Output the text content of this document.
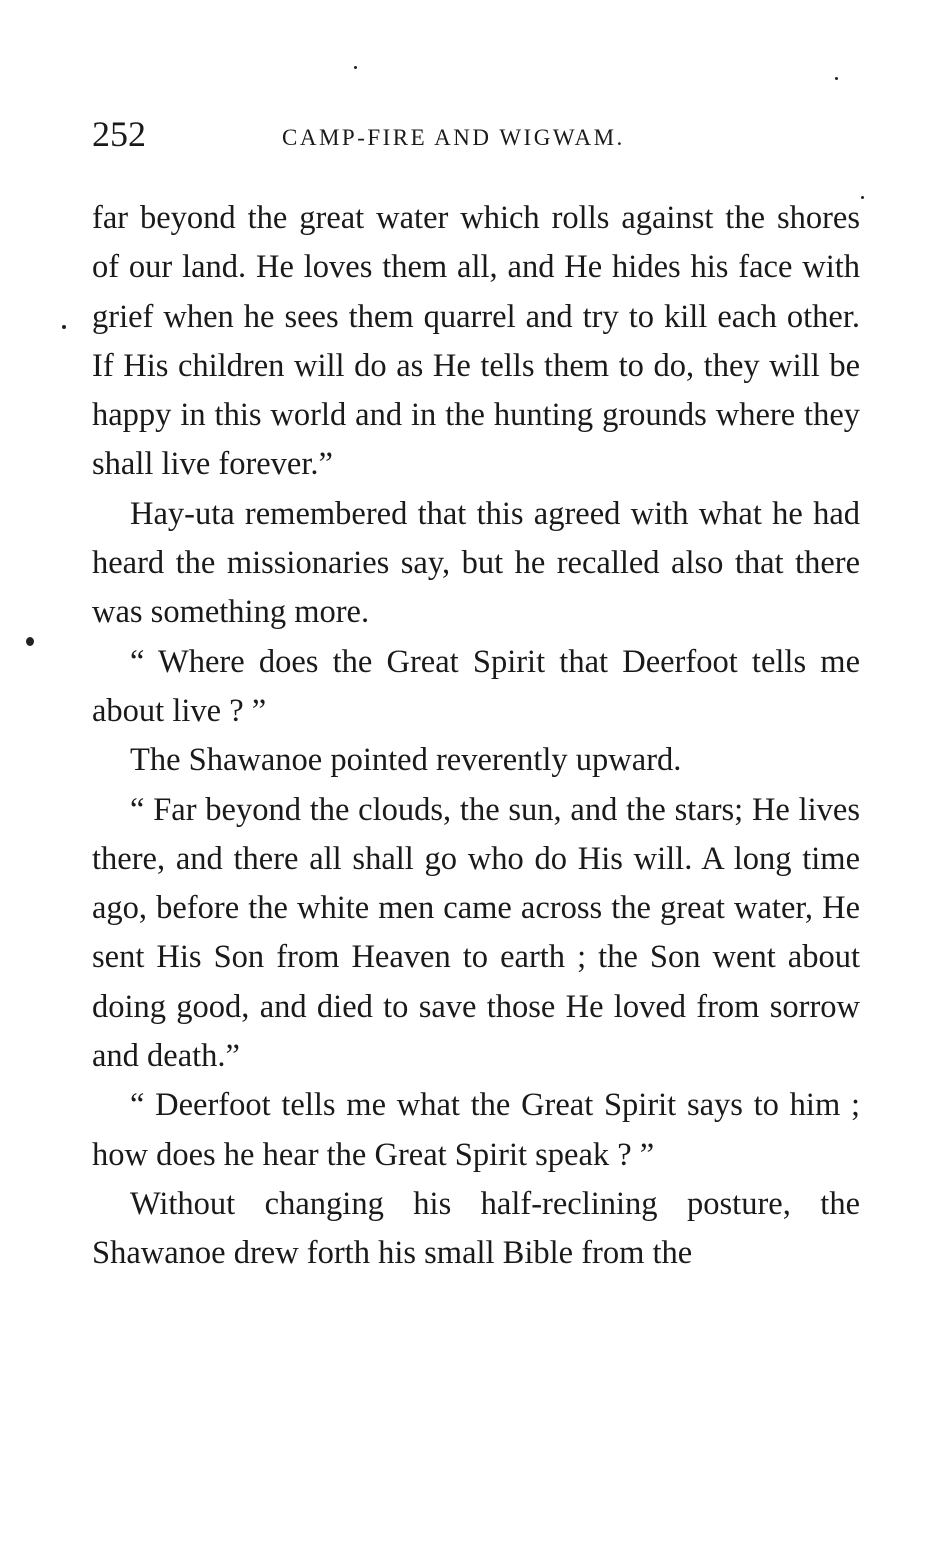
252	CAMP-FIRE AND WIGWAM.

far beyond the great water which rolls against the shores of our land. He loves them all, and He hides his face with grief when he sees them quarrel and try to kill each other. If His children will do as He tells them to do, they will be happy in this world and in the hunting grounds where they shall live forever.”

Hay-uta remembered that this agreed with what he had heard the missionaries say, but he recalled also that there was something more.

“ Where does the Great Spirit that Deerfoot tells me about live ? ”

The Shawanoe pointed reverently upward.

“ Far beyond the clouds, the sun, and the stars; He lives there, and there all shall go who do His will. A long time ago, before the white men came across the great water, He sent His Son from Heaven to earth ; the Son went about doing good, and died to save those He loved from sorrow and death.”

“ Deerfoot tells me what the Great Spirit says to him ; how does he hear the Great Spirit speak ? ”

Without changing his half-reclining posture, the Shawanoe drew forth his small Bible from the
